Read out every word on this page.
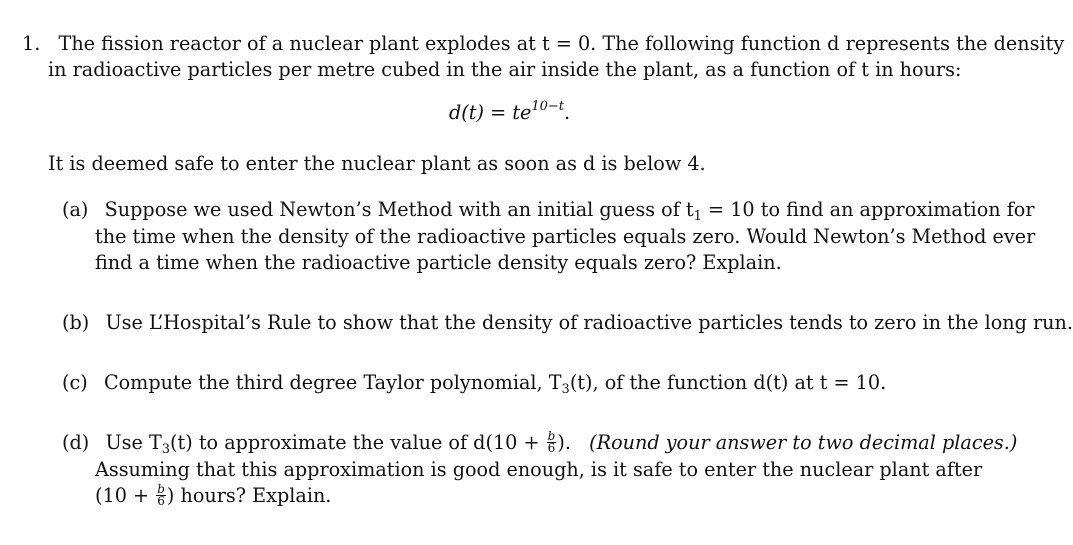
1. The fission reactor of a nuclear plant explodes at t = 0. The following function d represents the density
in radioactive particles per metre cubed in the air inside the plant, as a function of t in hours:
$d(t) = te^{10-t}$.
It is deemed safe to enter the nuclear plant as soon as d is below 4.
(a) Suppose we used Newton’s Method with an initial guess of $t_1 = 10$ to find an approximation for
the time when the density of the radioactive particles equals zero. Would Newton’s Method ever
find a time when the radioactive particle density equals zero? Explain.
(b) Use L’Hospital’s Rule to show that the density of radioactive particles tends to zero in the long run.
(c) Compute the third degree Taylor polynomial, $T_3(t)$, of the function d(t) at t = 10.
(d) Use $T_3(t)$ to approximate the value of $d(10 + \frac{b}{6}$ ). (Round your answer to two decimal places.)
Assuming that this approximation is good enough, is it safe to enter the nuclear plant after
($10 + \frac{b}{6}$ ) hours? Explain.
